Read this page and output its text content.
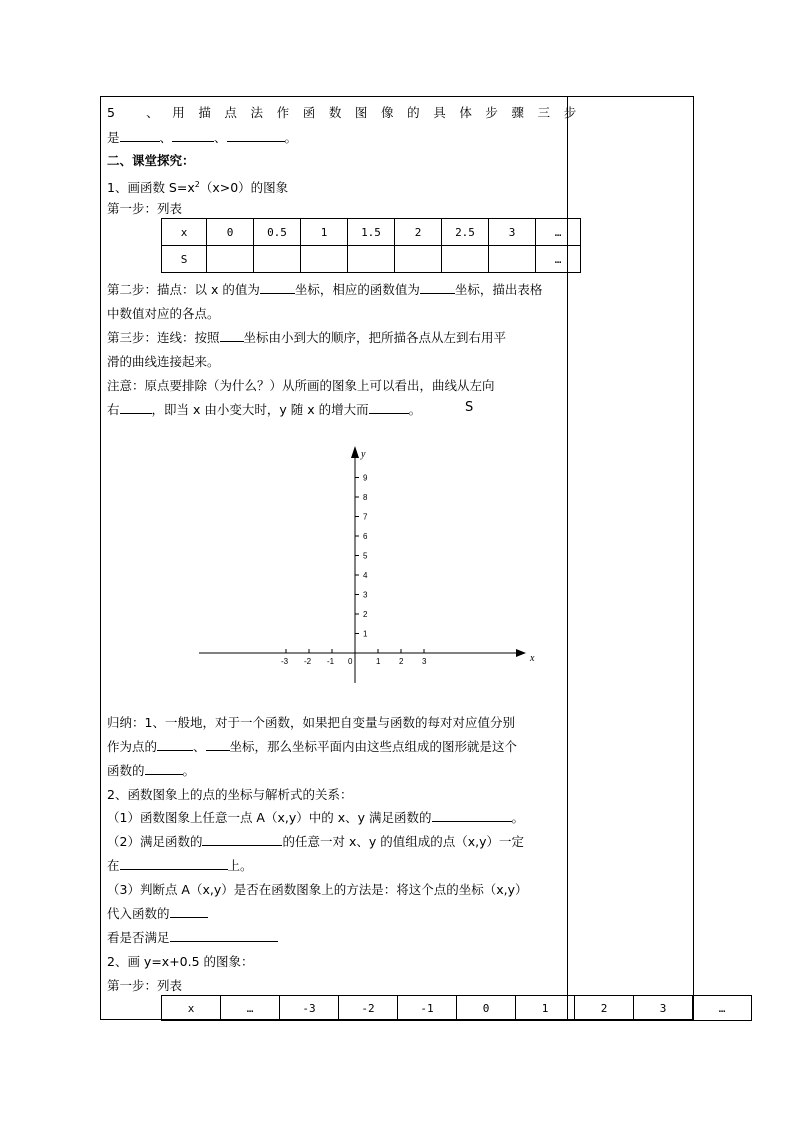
5 、用描点法作函数图像的具体步骤三步
是	、	、	。
二、课堂探究：
1、画函数 $S=x^2(x>0)$的图象
第一步：列表
x	0	0.5	1	1.5	2	2.5	3	…
S								…
第二步：描点：以 x 的值为	坐标，相应的函数值为	坐标，描出表格
中数值对应的各点。
第三步：连线：按照 坐标由小到大的顺序，把所描各点从左到右用平
滑的曲线连接起来。
注意：原点要排除（为什么？）从所画的图象上可以看出，曲线从左向
右	，即当 x 由小变大时，y 随 x 的增大而	。	S
1
2
3
4
5
6
7
8
9
-3 -2 -1	1 2 3
y
x
0
归纳：1、一般地，对于一个函数，如果把自变量与函数的每对对应值分别
作为点的	、 坐标，那么坐标平面内由这些点组成的图形就是这个
函数的	。
2、函数图象上的点的坐标与解析式的关系：
（1）函数图象上任意一点 A（x,y）中的 x、y 满足函数的	。
（2）满足函数的	的任意一对 x、y 的值组成的点（x,y）一定
在	上。
（3）判断点 A（x,y）是否在函数图象上的方法是：将这个点的坐标（x,y）
代入函数的
看是否满足
2、画 y=x+0.5 的图象：
第一步：列表
x	…	-3	-2	-1	0	1	2	3	…
